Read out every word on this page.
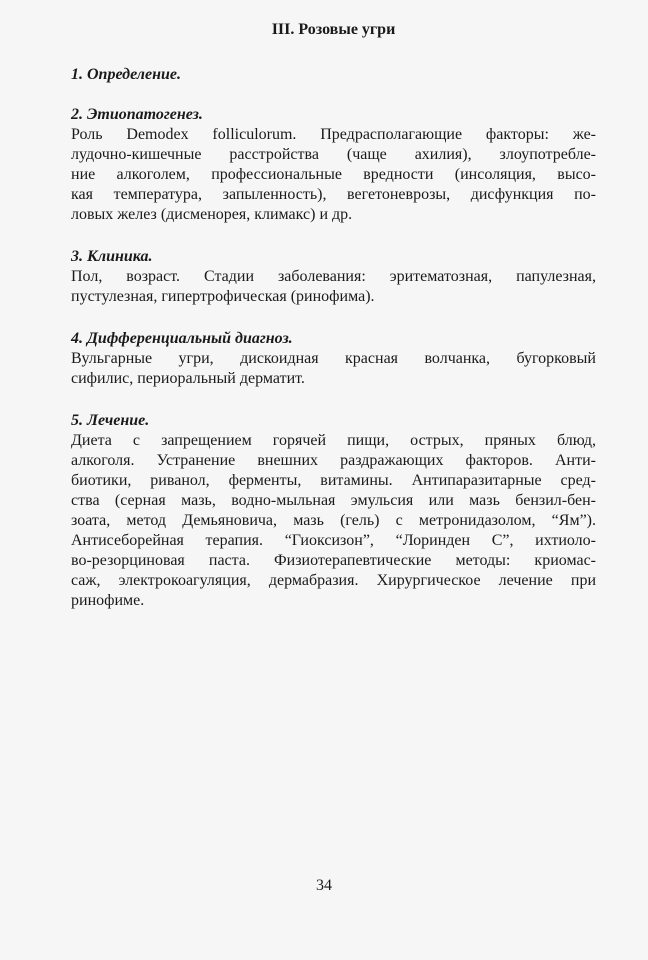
III. Розовые угри

1. Определение.

2. Этиопатогенез.

Роль Demodex folliculorum. Предрасполагающие факторы: же-
лудочно-кишечные расстройства (чаще ахилия), злоупотребле-
ние алкоголем, профессиональные вредности (инсоляция, высо-
кая температура, запыленность), вегетоневрозы, дисфункция по-
ловых желез (дисменорея, климакс) и др.

3. Клиника.

Пол, возраст. Стадии заболевания: эритематозная, папулезная,
пустулезная, гипертрофическая (ринофима).

4. Дифференциальный диагноз.

Вульгарные угри, дискоидная красная волчанка, бугорковый
сифилис, периоральный дерматит.

5. Лечение.

Диета с запрещением горячей пищи, острых, пряных блюд,
алкоголя. Устранение внешних раздражающих факторов. Анти-
биотики, риванол, ферменты, витамины. Антипаразитарные сред-
ства (серная мазь, водно-мыльная эмульсия или мазь бензил-бен-
зоата, метод Демьяновича, мазь (гель) с метронидазолом, “Ям”).
Антисеборейная терапия. “Гиоксизон”, “Лоринден С”, ихтиоло-
во-резорциновая паста. Физиотерапевтические методы: криомас-
саж, электрокоагуляция, дермабразия. Хирургическое лечение при
ринофиме.

34
